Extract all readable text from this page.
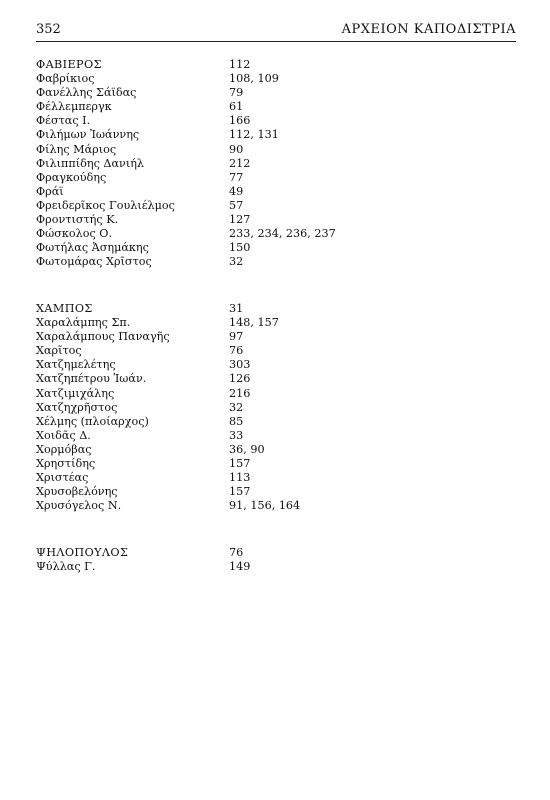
352	ΑΡΧΕΙΟΝ ΚΑΠΟΔΙΣΤΡΙΑ
ΦΑΒΙΕΡΟΣ	112
Φαβρίκιος	108, 109
Φανέλλης Σάϊδας	79
Φέλλεμπεργκ	61
Φέστας Ι.	166
Φιλήμων Ἰωάννης	112, 131
Φίλης Μάριος	90
Φιλιππίδης Δανιήλ	212
Φραγκούδης	77
Φράϊ	49
Φρειδερῖκος Γουλιέλμος	57
Φροντιστής Κ.	127
Φώσκολος Ο.	233, 234, 236, 237
Φωτήλας Ἀσημάκης	150
Φωτομάρας Χρῖστος	32
ΧΑΜΠΟΣ	31
Χαραλάμπης Σπ.	148, 157
Χαραλάμπους Παναγῆς	97
Χαρῖτος	76
Χατζημελέτης	303
Χατζηπέτρου Ἰωάν.	126
Χατζιμιχάλης	216
Χατζηχρῆστος	32
Χέλμης (πλοίαρχος)	85
Χοιδᾶς Δ.	33
Χορμόβας	36, 90
Χρηστίδης	157
Χριστέας	113
Χρυσοβελόνης	157
Χρυσόγελος Ν.	91, 156, 164
ΨΗΛΟΠΟΥΛΟΣ	76
Ψύλλας Γ.	149
